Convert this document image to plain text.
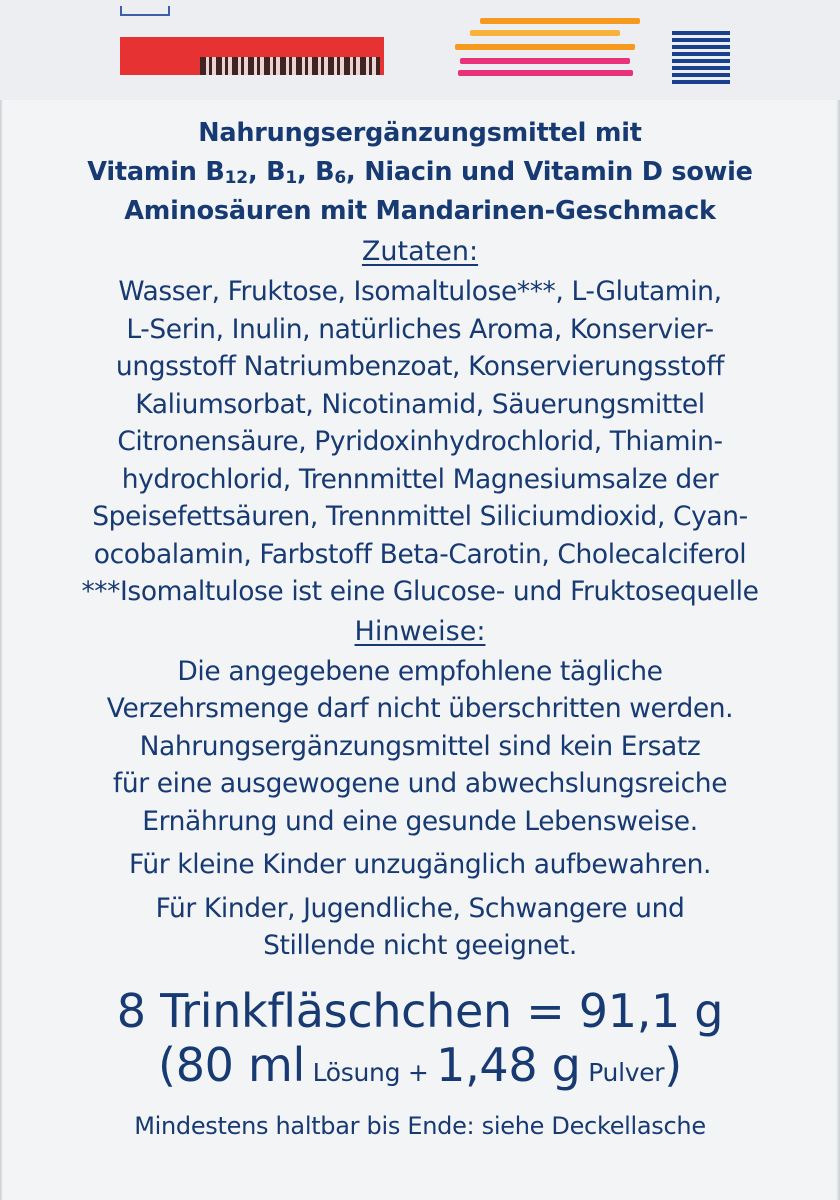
Nahrungsergänzungsmittel mit
Vitamin $B_{12}$, $B_1$, $B_6$, Niacin und Vitamin D sowie
Aminosäuren mit Mandarinen-Geschmack
Zutaten:
Wasser, Fruktose, Isomaltulose***, L-Glutamin,
L-Serin, Inulin, natürliches Aroma, Konservier-
ungsstoff Natriumbenzoat, Konservierungsstoff
Kaliumsorbat, Nicotinamid, Säuerungsmittel
Citronensäure, Pyridoxinhydrochlorid, Thiamin-
hydrochlorid, Trennmittel Magnesiumsalze der
Speisefettsäuren, Trennmittel Siliciumdioxid, Cyan-
ocobalamin, Farbstoff Beta-Carotin, Cholecalciferol
***Isomaltulose ist eine Glucose- und Fruktosequelle
Hinweise:
Die angegebene empfohlene tägliche
Verzehrsmenge darf nicht überschritten werden.
Nahrungsergänzungsmittel sind kein Ersatz
für eine ausgewogene und abwechslungsreiche
Ernährung und eine gesunde Lebensweise.
Für kleine Kinder unzugänglich aufbewahren.
Für Kinder, Jugendliche, Schwangere und
Stillende nicht geeignet.
8 Trinkfläschchen = 91,1 g
(80 ml Lösung + 1,48 g Pulver)
Mindestens haltbar bis Ende: siehe Deckellasche
